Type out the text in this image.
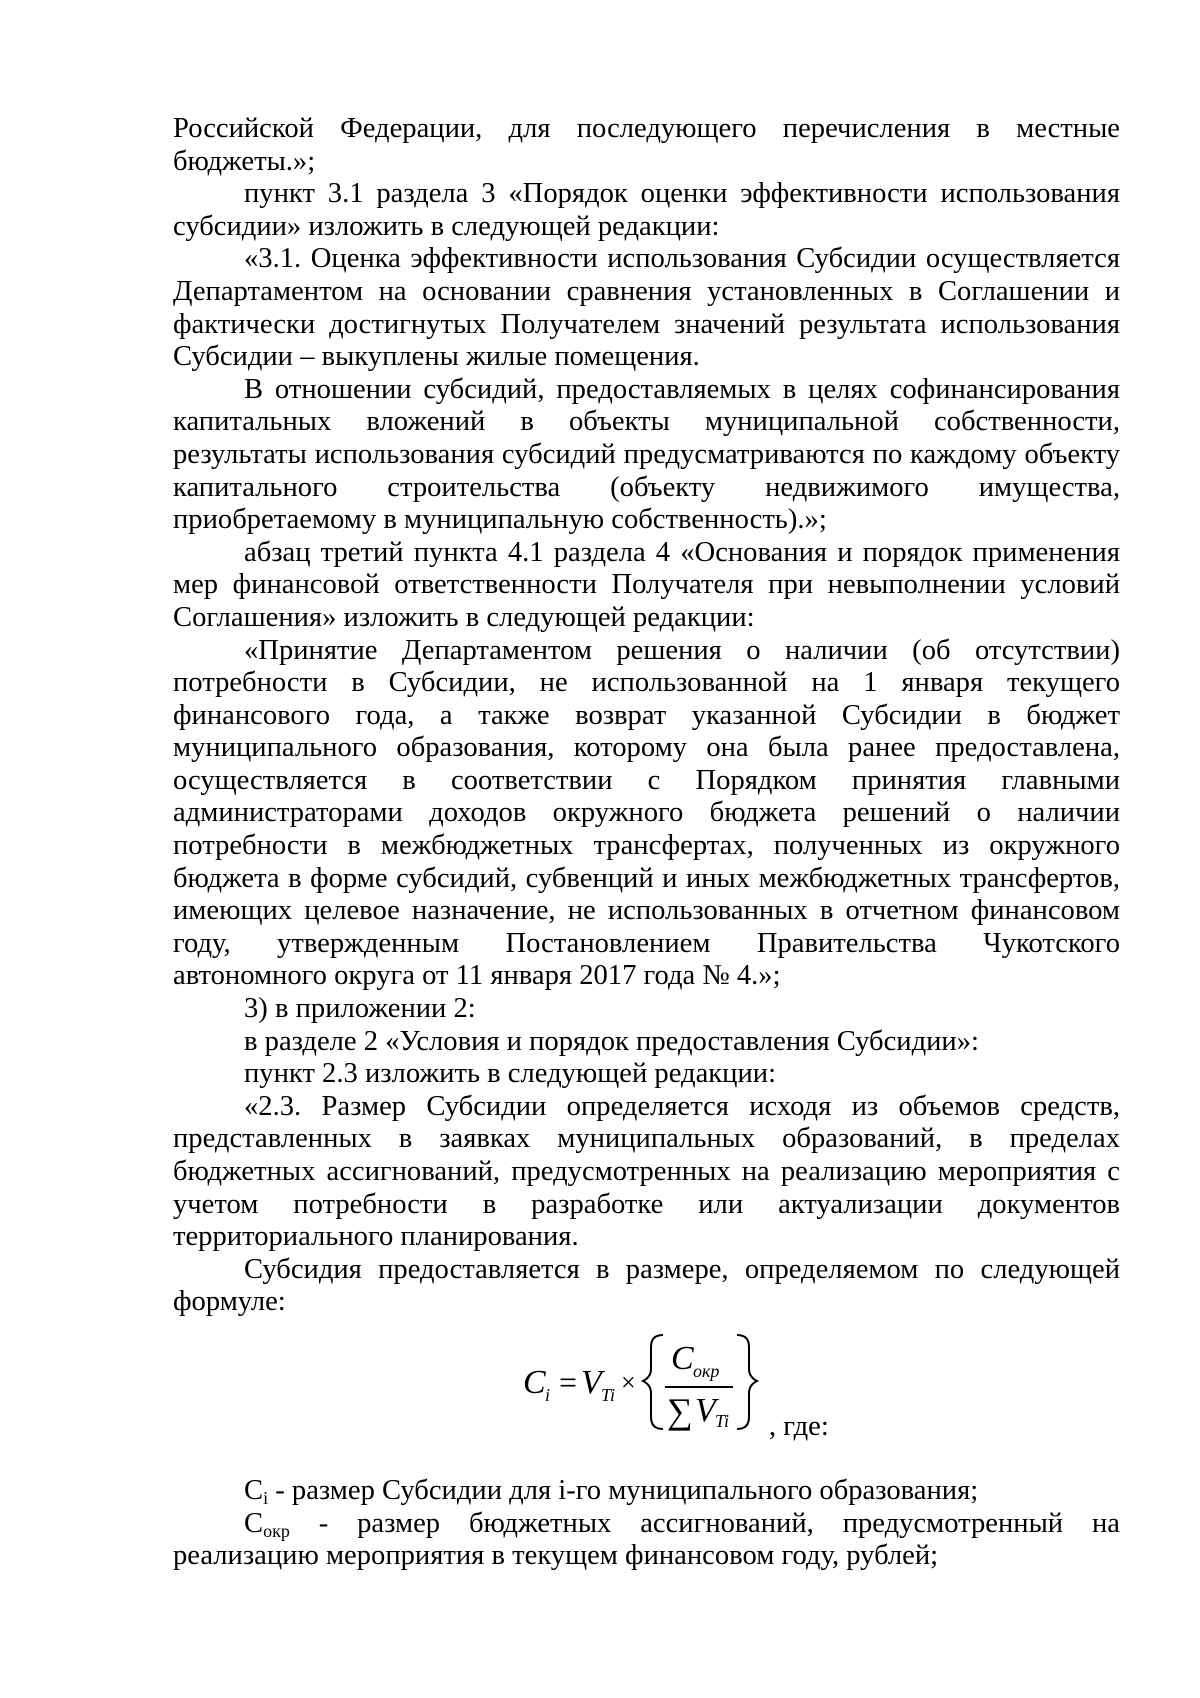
Российской Федерации, для последующего перечисления в местные бюджеты.»;

пункт 3.1 раздела 3 «Порядок оценки эффективности использования субсидии» изложить в следующей редакции:

«3.1. Оценка эффективности использования Субсидии осуществляется Департаментом на основании сравнения установленных в Соглашении и фактически достигнутых Получателем значений результата использования Субсидии – выкуплены жилые помещения.

В отношении субсидий, предоставляемых в целях софинансирования капитальных вложений в объекты муниципальной собственности, результаты использования субсидий предусматриваются по каждому объекту капитального строительства (объекту недвижимого имущества, приобретаемому в муниципальную собственность).»;

абзац третий пункта 4.1 раздела 4 «Основания и порядок применения мер финансовой ответственности Получателя при невыполнении условий Соглашения» изложить в следующей редакции:

«Принятие Департаментом решения о наличии (об отсутствии) потребности в Субсидии, не использованной на 1 января текущего финансового года, а также возврат указанной Субсидии в бюджет муниципального образования, которому она была ранее предоставлена, осуществляется в соответствии с Порядком принятия главными администраторами доходов окружного бюджета решений о наличии потребности в межбюджетных трансфертах, полученных из окружного бюджета в форме субсидий, субвенций и иных межбюджетных трансфертов, имеющих целевое назначение, не использованных в отчетном финансовом году, утвержденным Постановлением Правительства Чукотского автономного округа от 11 января 2017 года № 4.»;

3) в приложении 2:

в разделе 2 «Условия и порядок предоставления Субсидии»:

пункт 2.3 изложить в следующей редакции:

«2.3. Размер Субсидии определяется исходя из объемов средств, представленных в заявках муниципальных образований, в пределах бюджетных ассигнований, предусмотренных на реализацию мероприятия с учетом потребности в разработке или актуализации документов территориального планирования.

Субсидия предоставляется в размере, определяемом по следующей формуле:

C i = V Ti ×
C окр
∑ V Ti , где:

$C_i$ - размер Субсидии для i-го муниципального образования;

$C_{окр}$ - размер бюджетных ассигнований, предусмотренный на реализацию мероприятия в текущем финансовом году, рублей;
